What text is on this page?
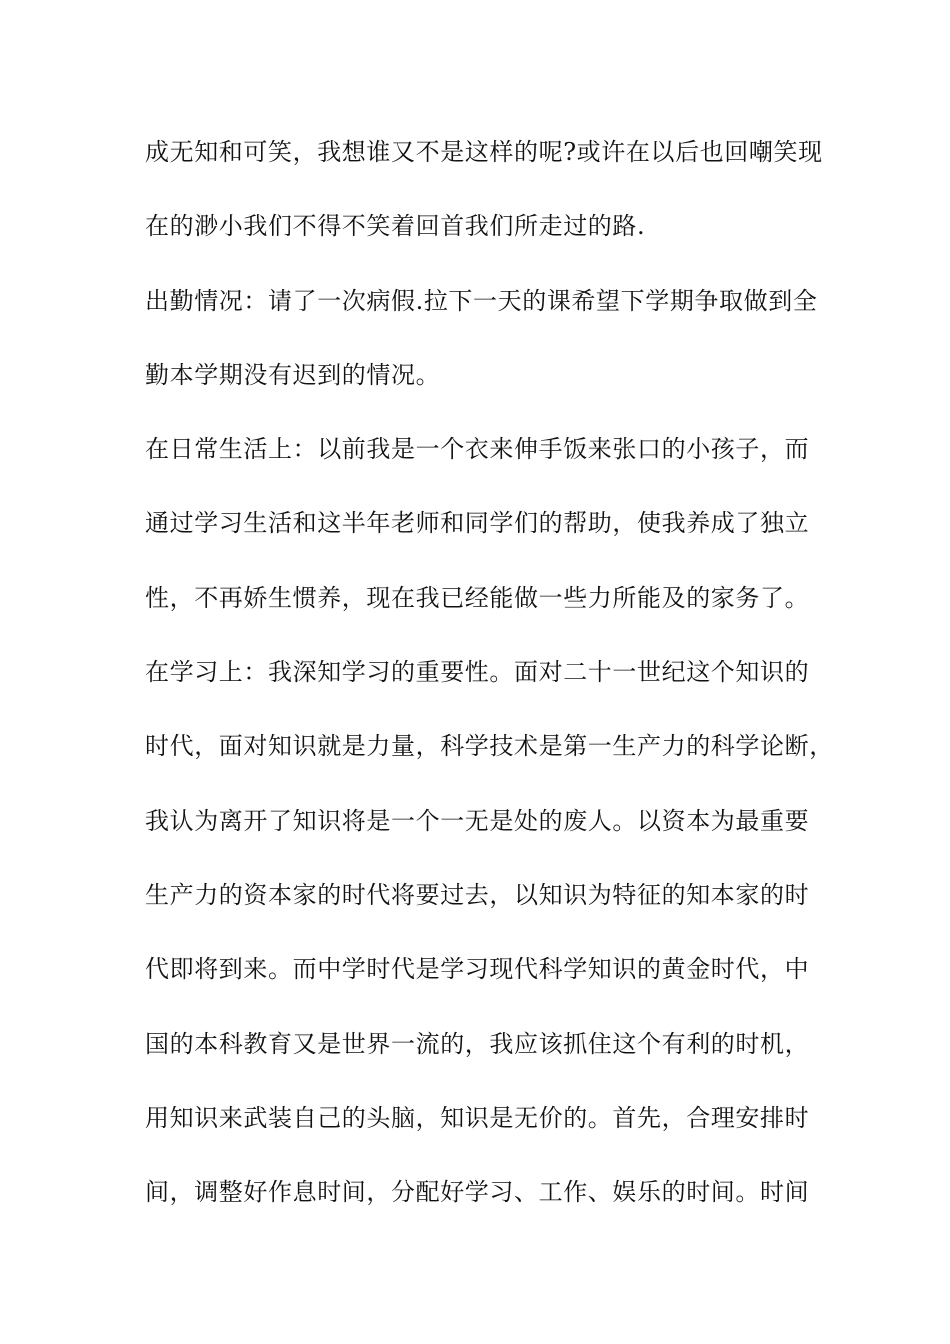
成无知和可笑，我想谁又不是这样的呢?或许在以后也回嘲笑现
在的渺小我们不得不笑着回首我们所走过的路.
出勤情况：请了一次病假.拉下一天的课希望下学期争取做到全
勤本学期没有迟到的情况。
在日常生活上：以前我是一个衣来伸手饭来张口的小孩子，而
通过学习生活和这半年老师和同学们的帮助，使我养成了独立
性，不再娇生惯养，现在我已经能做一些力所能及的家务了。
在学习上：我深知学习的重要性。面对二十一世纪这个知识的
时代，面对知识就是力量，科学技术是第一生产力的科学论断，
我认为离开了知识将是一个一无是处的废人。以资本为最重要
生产力的资本家的时代将要过去，以知识为特征的知本家的时
代即将到来。而中学时代是学习现代科学知识的黄金时代，中
国的本科教育又是世界一流的，我应该抓住这个有利的时机，
用知识来武装自己的头脑，知识是无价的。首先，合理安排时
间，调整好作息时间，分配好学习、工作、娱乐的时间。时间
